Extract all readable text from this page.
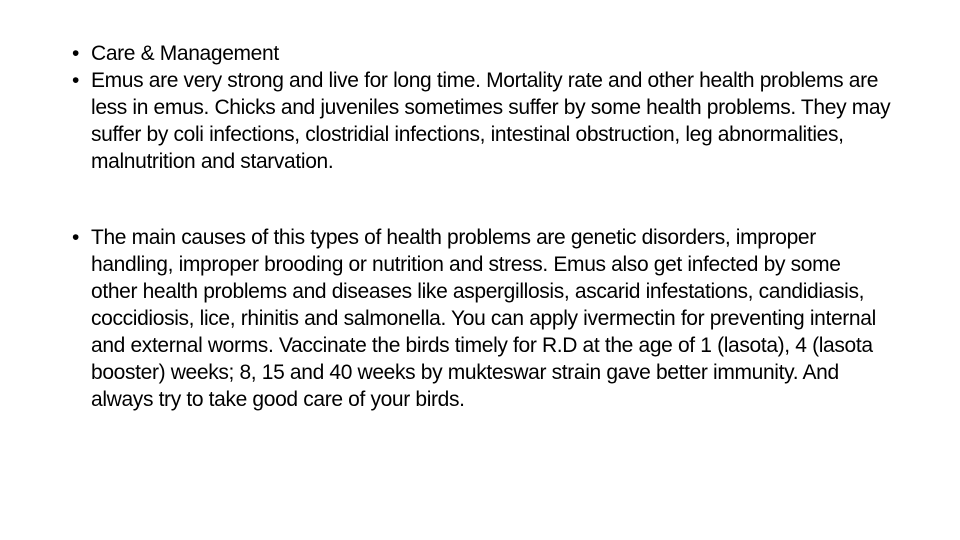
• Care & Management
• Emus are very strong and live for long time. Mortality rate and other health problems are less in emus. Chicks and juveniles sometimes suffer by some health problems. They may suffer by coli infections, clostridial infections, intestinal obstruction, leg abnormalities, malnutrition and starvation.
• The main causes of this types of health problems are genetic disorders, improper handling, improper brooding or nutrition and stress. Emus also get infected by some other health problems and diseases like aspergillosis, ascarid infestations, candidiasis, coccidiosis, lice, rhinitis and salmonella. You can apply ivermectin for preventing internal and external worms. Vaccinate the birds timely for R.D at the age of 1 (lasota), 4 (lasota booster) weeks; 8, 15 and 40 weeks by mukteswar strain gave better immunity. And always try to take good care of your birds.
